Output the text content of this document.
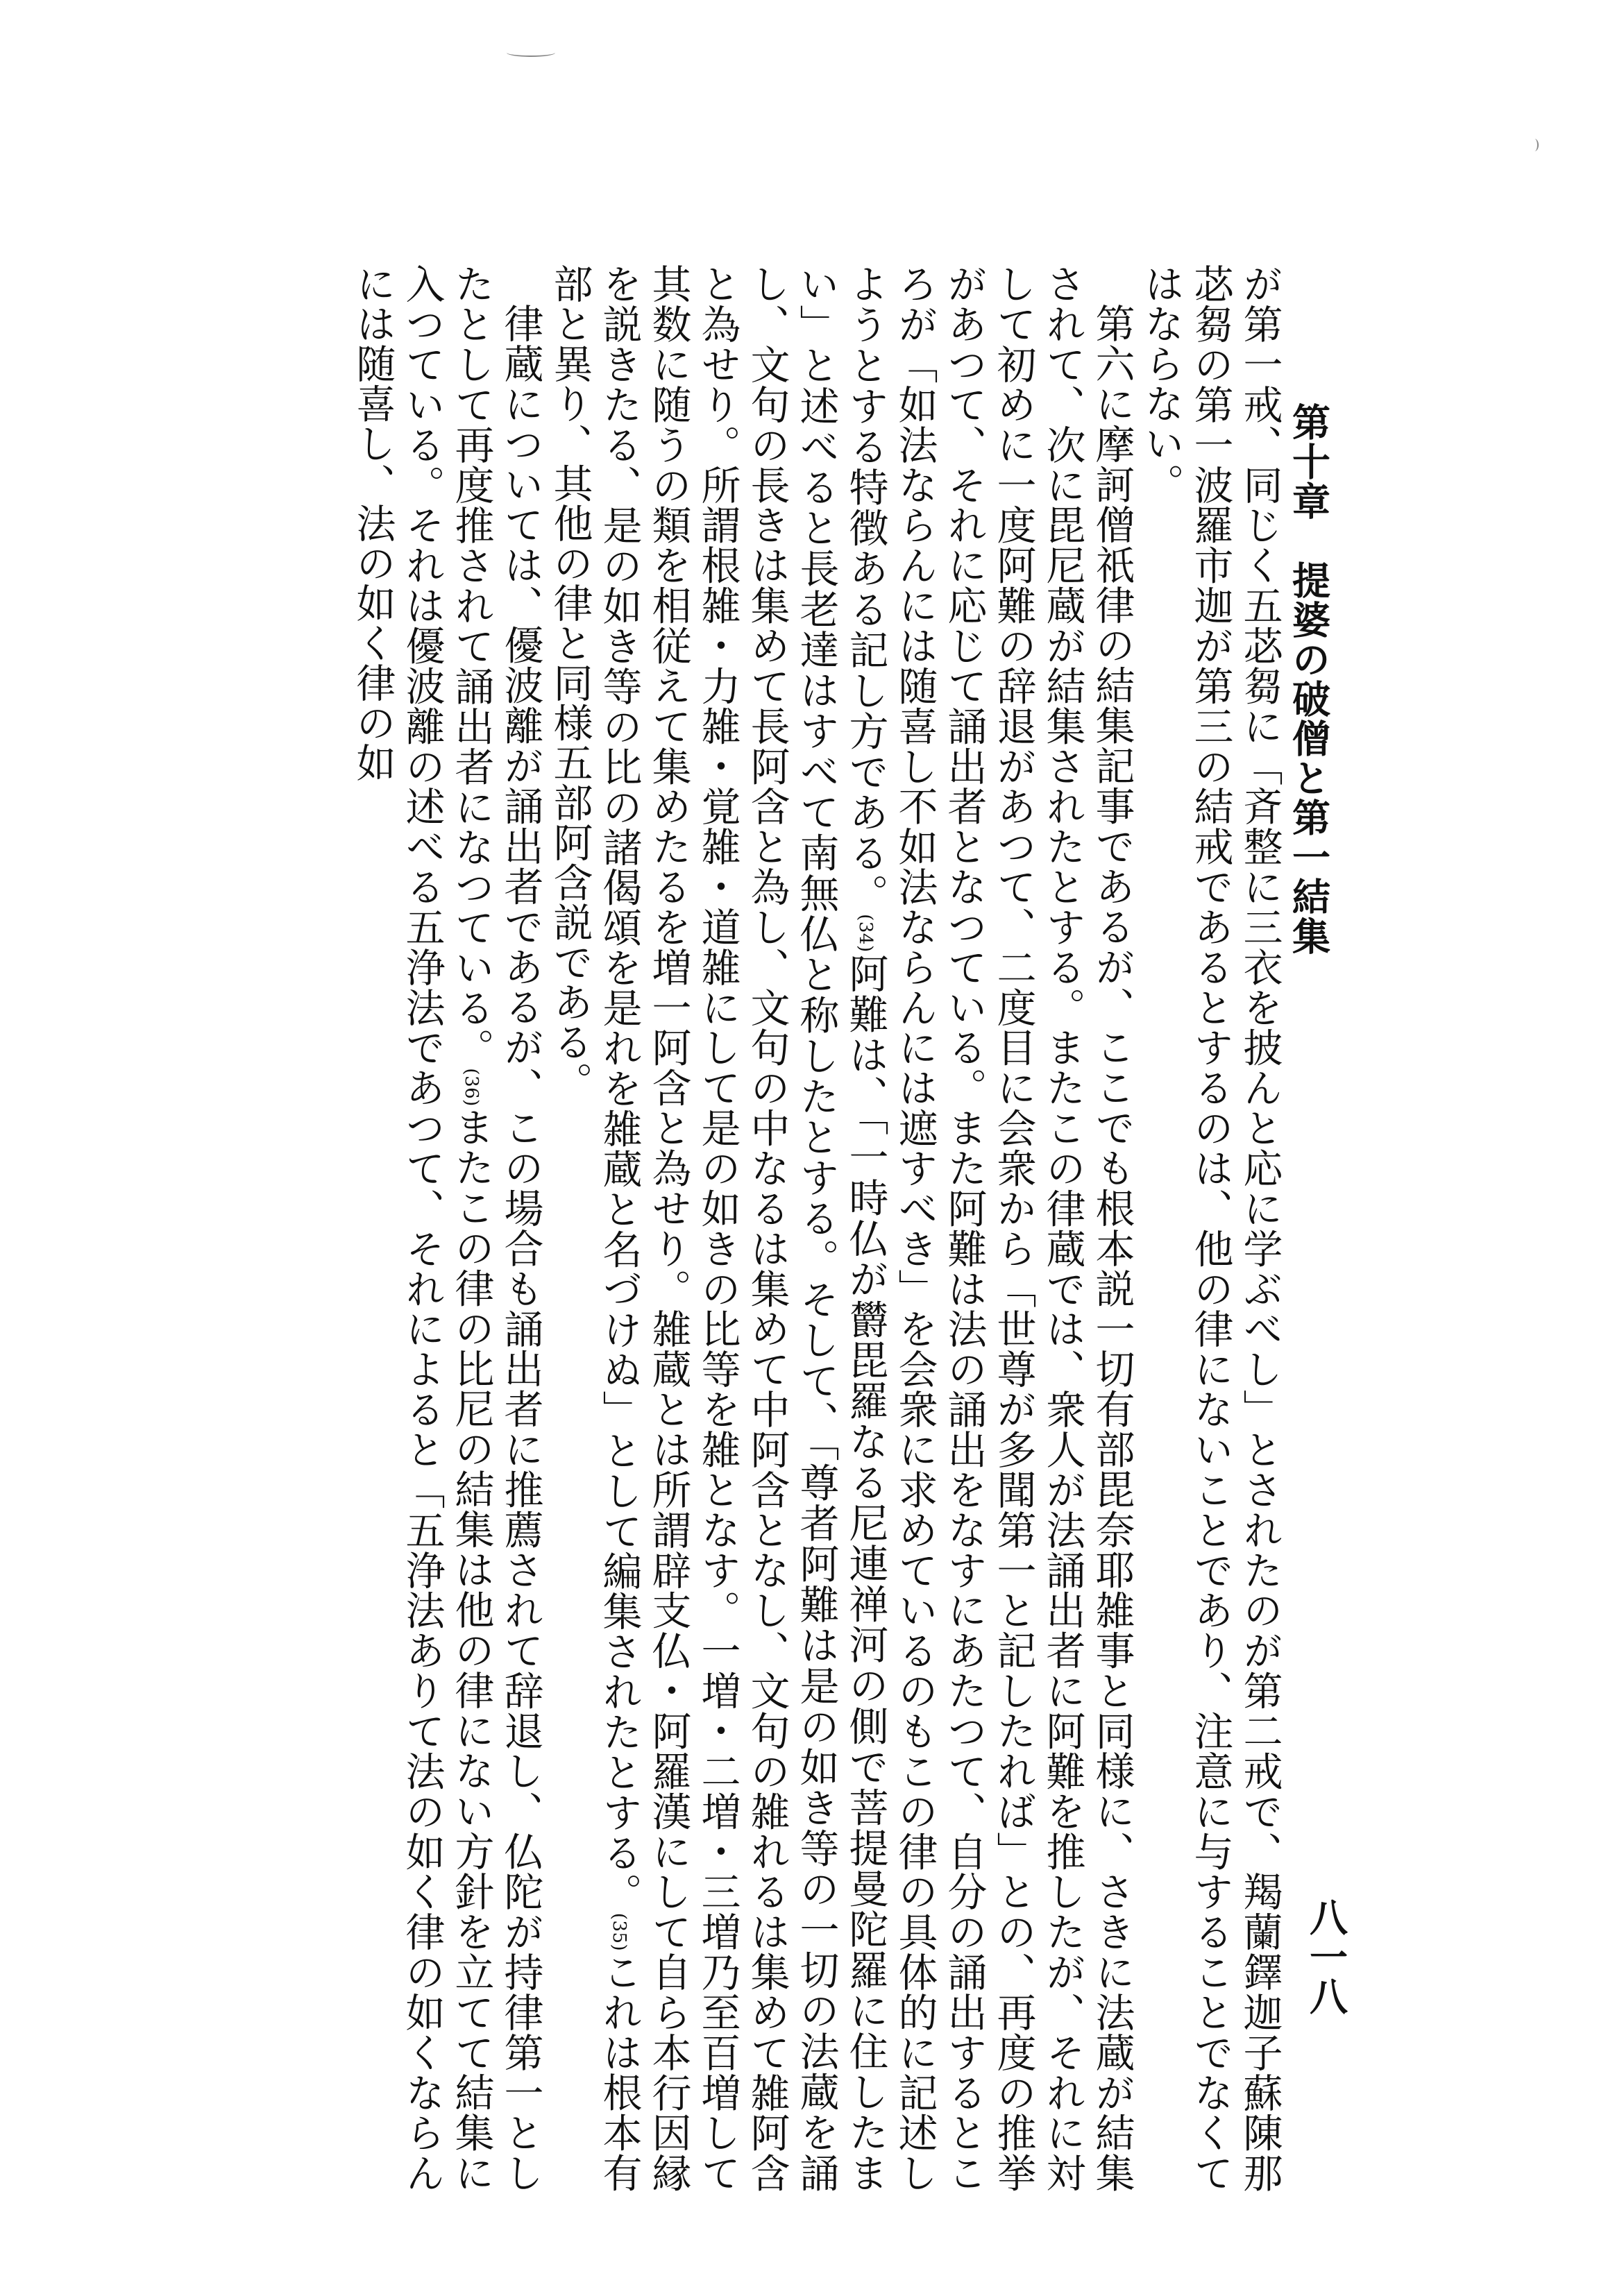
八一八
第十章　提婆の破僧と第一結集

が第一戒、同じく五苾芻に「斉整に三衣を披んと応に学ぶべし」とされたのが第二戒で、羯蘭鐸迦子蘇陳那苾芻の第一波羅市迦が第三の結戒であるとするのは、他の律にないことであり、注意に与することでなくてはならない。

第六に摩訶僧祇律の結集記事であるが、ここでも根本説一切有部毘奈耶雑事と同様に、さきに法蔵が結集されて、次に毘尼蔵が結集されたとする。またこの律蔵では、衆人が法誦出者に阿難を推したが、それに対して初めに一度阿難の辞退があつて、二度目に会衆から「世尊が多聞第一と記したれば」との、再度の推挙があつて、それに応じて誦出者となつている。また阿難は法の誦出をなすにあたつて、自分の誦出するところが「如法ならんには随喜し不如法ならんには遮すべき」を会衆に求めているのもこの律の具体的に記述しようとする特徴ある記し方である。(34)阿難は、「一時仏が欝毘羅なる尼連禅河の側で菩提曼陀羅に住したまい」と述べると長老達はすべて南無仏と称したとする。そして、「尊者阿難は是の如き等の一切の法蔵を誦し、文句の長きは集めて長阿含と為し、文句の中なるは集めて中阿含となし、文句の雑れるは集めて雑阿含と為せり。所謂根雑・力雑・覚雑・道雑にして是の如きの比等を雑となす。一増・二増・三増乃至百増して其数に随うの類を相従えて集めたるを増一阿含と為せり。雑蔵とは所謂辟支仏・阿羅漢にして自ら本行因縁を説きたる、是の如き等の比の諸偈頌を是れを雑蔵と名づけぬ」として編集されたとする。(35)これは根本有部と異り、其他の律と同様五部阿含説である。

律蔵については、優波離が誦出者であるが、この場合も誦出者に推薦されて辞退し、仏陀が持律第一としたとして再度推されて誦出者になつている。(36)またこの律の比尼の結集は他の律にない方針を立てて結集に入つている。それは優波離の述べる五浄法であつて、それによると「五浄法ありて法の如く律の如くならんには随喜し、法の如く律の如
